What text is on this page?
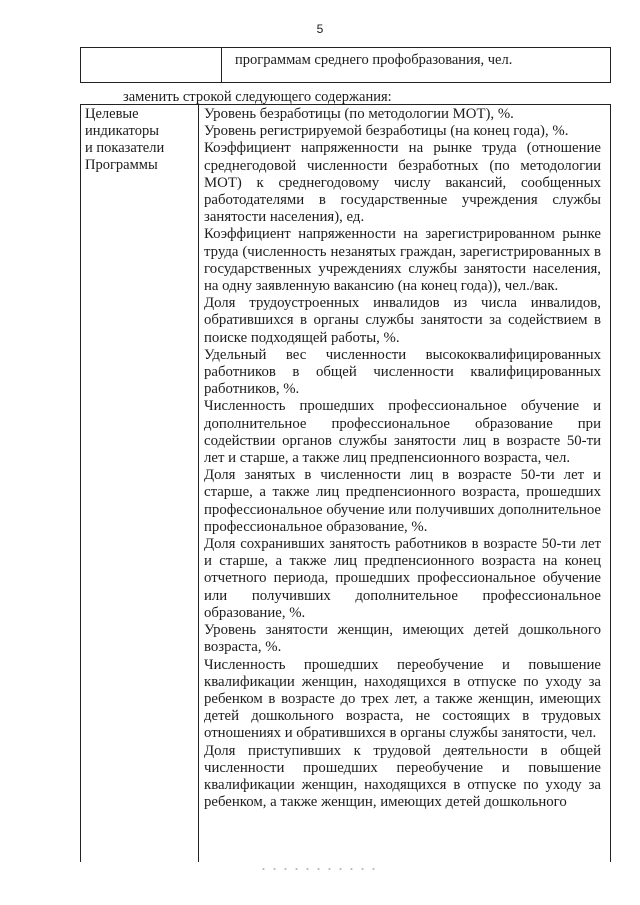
5
программам среднего профобразования, чел.
заменить строкой следующего содержания:
Целевые
индикаторы
и показатели
Программы

Уровень безработицы (по методологии МОТ), %.

Уровень регистрируемой безработицы (на конец года), %.

Коэффициент напряженности на рынке труда (отношение среднегодовой численности безработных (по методологии МОТ) к среднегодовому числу вакансий, сообщенных работодателями в государственные учреждения службы занятости населения), ед.

Коэффициент напряженности на зарегистрированном рынке труда (численность незанятых граждан, зарегистрированных в государственных учреждениях службы занятости населения, на одну заявленную вакансию (на конец года)), чел./вак.

Доля трудоустроенных инвалидов из числа инвалидов, обратившихся в органы службы занятости за содействием в поиске подходящей работы, %.

Удельный вес численности высококвалифицированных работников в общей численности квалифицированных работников, %.

Численность прошедших профессиональное обучение и дополнительное профессиональное образование при содействии органов службы занятости лиц в возрасте 50-ти лет и старше, а также лиц предпенсионного возраста, чел.

Доля занятых в численности лиц в возрасте 50-ти лет и старше, а также лиц предпенсионного возраста, прошедших профессиональное обучение или получивших дополнительное профессиональное образование, %.

Доля сохранивших занятость работников в возрасте 50-ти лет и старше, а также лиц предпенсионного возраста на конец отчетного периода, прошедших профессиональное обучение или получивших дополнительное профессиональное образование, %.

Уровень занятости женщин, имеющих детей дошкольного возраста, %.

Численность прошедших переобучение и повышение квалификации женщин, находящихся в отпуске по уходу за ребенком в возрасте до трех лет, а также женщин, имеющих детей дошкольного возраста, не состоящих в трудовых отношениях и обратившихся в органы службы занятости, чел.

Доля приступивших к трудовой деятельности в общей численности прошедших переобучение и повышение квалификации женщин, находящихся в отпуске по уходу за ребенком, а также женщин, имеющих детей дошкольного
